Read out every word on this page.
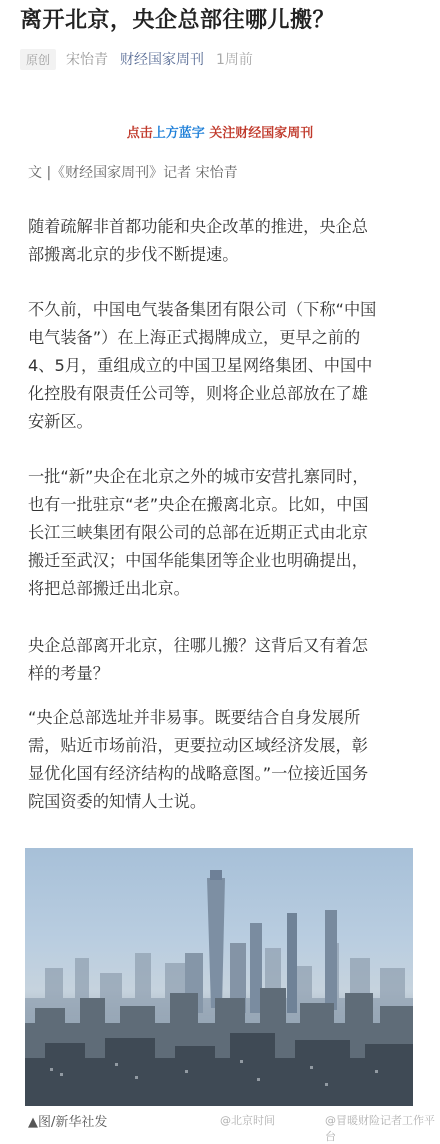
离开北京，央企总部往哪儿搬？
原创	宋怡青 财经国家周刊 1周前
点击上方蓝字 关注财经国家周刊
文 |《财经国家周刊》记者 宋怡青
随着疏解非首都功能和央企改革的推进，央企总
部搬离北京的步伐不断提速。
不久前，中国电气装备集团有限公司（下称“中国
电气装备”）在上海正式揭牌成立，更早之前的
4、5月，重组成立的中国卫星网络集团、中国中
化控股有限责任公司等，则将企业总部放在了雄
安新区。
一批“新”央企在北京之外的城市安营扎寨同时，
也有一批驻京“老”央企在搬离北京。比如，中国
长江三峡集团有限公司的总部在近期正式由北京
搬迁至武汉；中国华能集团等企业也明确提出，
将把总部搬迁出北京。
央企总部离开北京，往哪儿搬？这背后又有着怎
样的考量？
“央企总部选址并非易事。既要结合自身发展所
需，贴近市场前沿，更要拉动区域经济发展，彰
显优化国有经济结构的战略意图。”一位接近国务
院国资委的知情人士说。
▲图/新华社发	@北京时间	@冒暖财险记者工作平台
